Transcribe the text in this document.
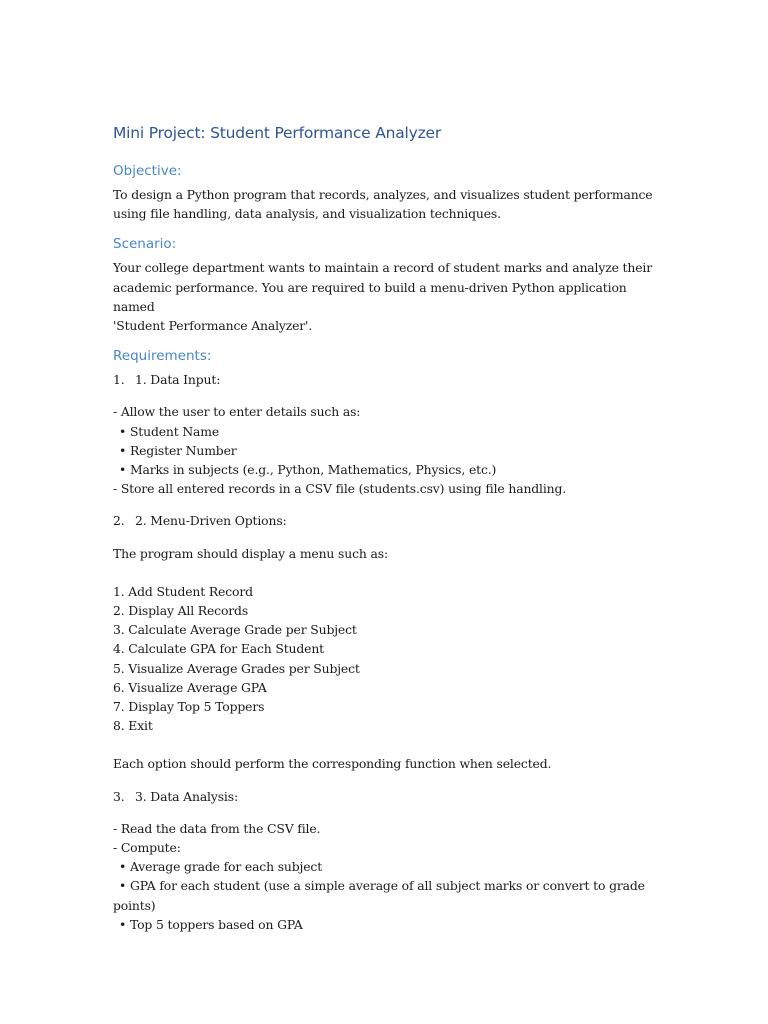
Mini Project: Student Performance Analyzer
Objective:
To design a Python program that records, analyzes, and visualizes student performance
using file handling, data analysis, and visualization techniques.
Scenario:
Your college department wants to maintain a record of student marks and analyze their
academic performance. You are required to build a menu-driven Python application named
'Student Performance Analyzer'.
Requirements:
1. 1. Data Input:
- Allow the user to enter details such as:
• Student Name
• Register Number
• Marks in subjects (e.g., Python, Mathematics, Physics, etc.)
- Store all entered records in a CSV file (students.csv) using file handling.
2. 2. Menu-Driven Options:
The program should display a menu such as:
1. Add Student Record
2. Display All Records
3. Calculate Average Grade per Subject
4. Calculate GPA for Each Student
5. Visualize Average Grades per Subject
6. Visualize Average GPA
7. Display Top 5 Toppers
8. Exit
Each option should perform the corresponding function when selected.
3. 3. Data Analysis:
- Read the data from the CSV file.
- Compute:
• Average grade for each subject
• GPA for each student (use a simple average of all subject marks or convert to grade
points)
• Top 5 toppers based on GPA
